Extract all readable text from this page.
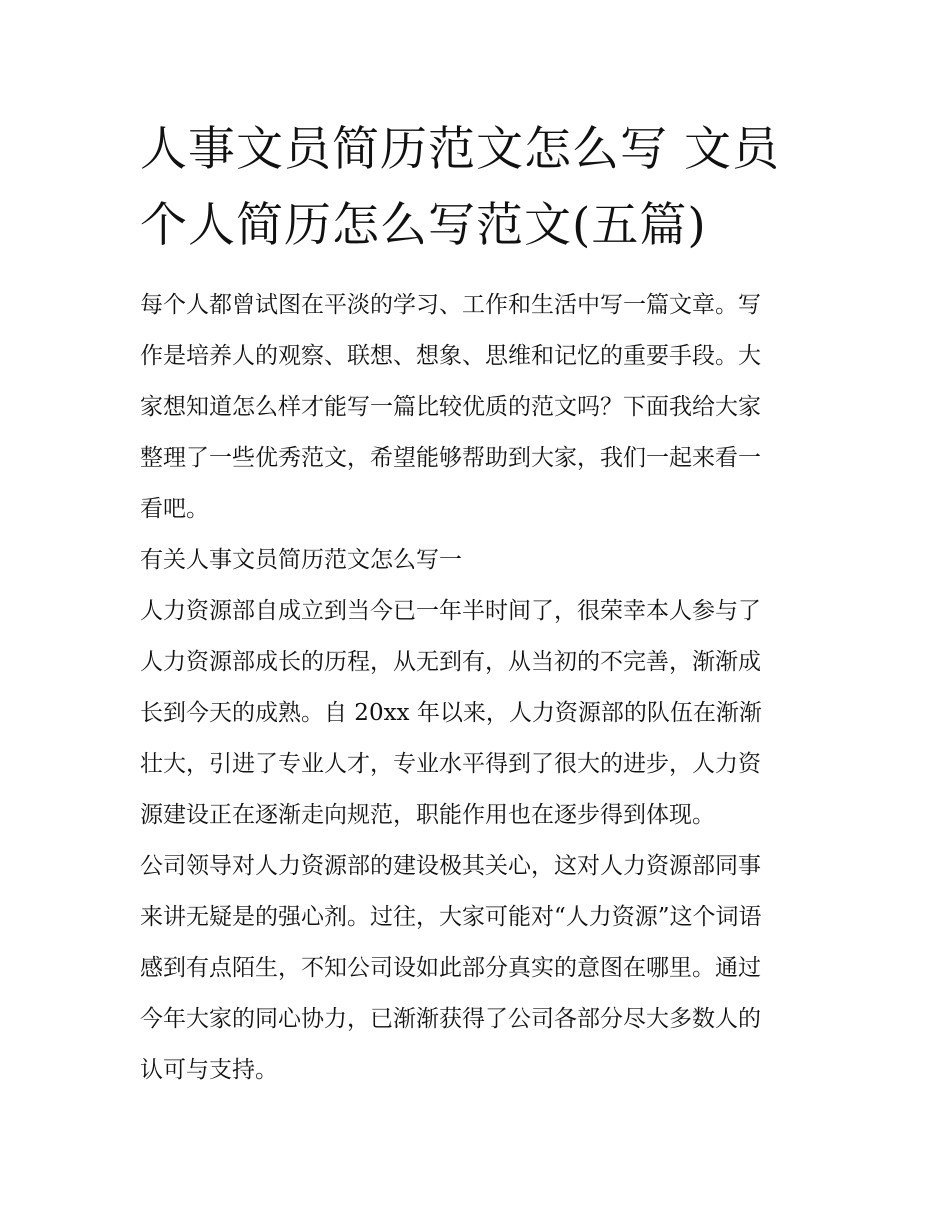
人事文员简历范文怎么写 文员
个人简历怎么写范文(五篇)

每个人都曾试图在平淡的学习、工作和生活中写一篇文章。写
作是培养人的观察、联想、想象、思维和记忆的重要手段。大
家想知道怎么样才能写一篇比较优质的范文吗？下面我给大家
整理了一些优秀范文，希望能够帮助到大家，我们一起来看一
看吧。

有关人事文员简历范文怎么写一

人力资源部自成立到当今已一年半时间了，很荣幸本人参与了
人力资源部成长的历程，从无到有，从当初的不完善，渐渐成
长到今天的成熟。自 20xx 年以来，人力资源部的队伍在渐渐
壮大，引进了专业人才，专业水平得到了很大的进步，人力资
源建设正在逐渐走向规范，职能作用也在逐步得到体现。

公司领导对人力资源部的建设极其关心，这对人力资源部同事
来讲无疑是的强心剂。过往，大家可能对“人力资源”这个词语
感到有点陌生，不知公司设如此部分真实的意图在哪里。通过
今年大家的同心协力，已渐渐获得了公司各部分尽大多数人的
认可与支持。
